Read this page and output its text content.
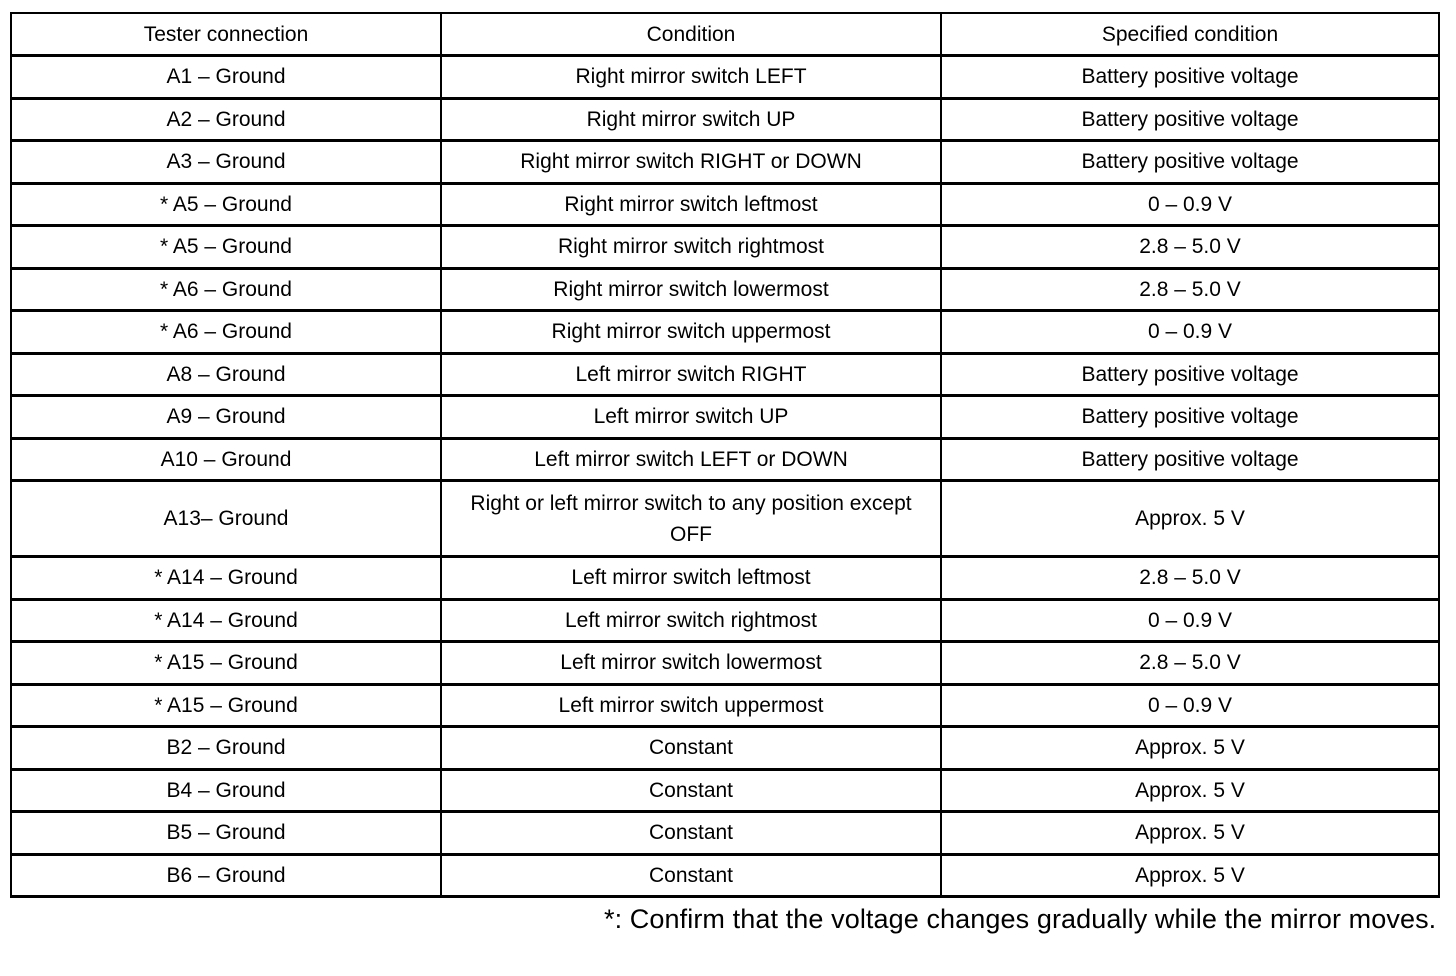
Tester connection	Condition	Specified condition
A1 – Ground	Right mirror switch LEFT	Battery positive voltage
A2 – Ground	Right mirror switch UP	Battery positive voltage
A3 – Ground	Right mirror switch RIGHT or DOWN	Battery positive voltage
* A5 – Ground	Right mirror switch leftmost	0 – 0.9 V
* A5 – Ground	Right mirror switch rightmost	2.8 – 5.0 V
* A6 – Ground	Right mirror switch lowermost	2.8 – 5.0 V
* A6 – Ground	Right mirror switch uppermost	0 – 0.9 V
A8 – Ground	Left mirror switch RIGHT	Battery positive voltage
A9 – Ground	Left mirror switch UP	Battery positive voltage
A10 – Ground	Left mirror switch LEFT or DOWN	Battery positive voltage
A13– Ground	Right or left mirror switch to any position except OFF	Approx. 5 V
* A14 – Ground	Left mirror switch leftmost	2.8 – 5.0 V
* A14 – Ground	Left mirror switch rightmost	0 – 0.9 V
* A15 – Ground	Left mirror switch lowermost	2.8 – 5.0 V
* A15 – Ground	Left mirror switch uppermost	0 – 0.9 V
B2 – Ground	Constant	Approx. 5 V
B4 – Ground	Constant	Approx. 5 V
B5 – Ground	Constant	Approx. 5 V
B6 – Ground	Constant	Approx. 5 V
*: Confirm that the voltage changes gradually while the mirror moves.
